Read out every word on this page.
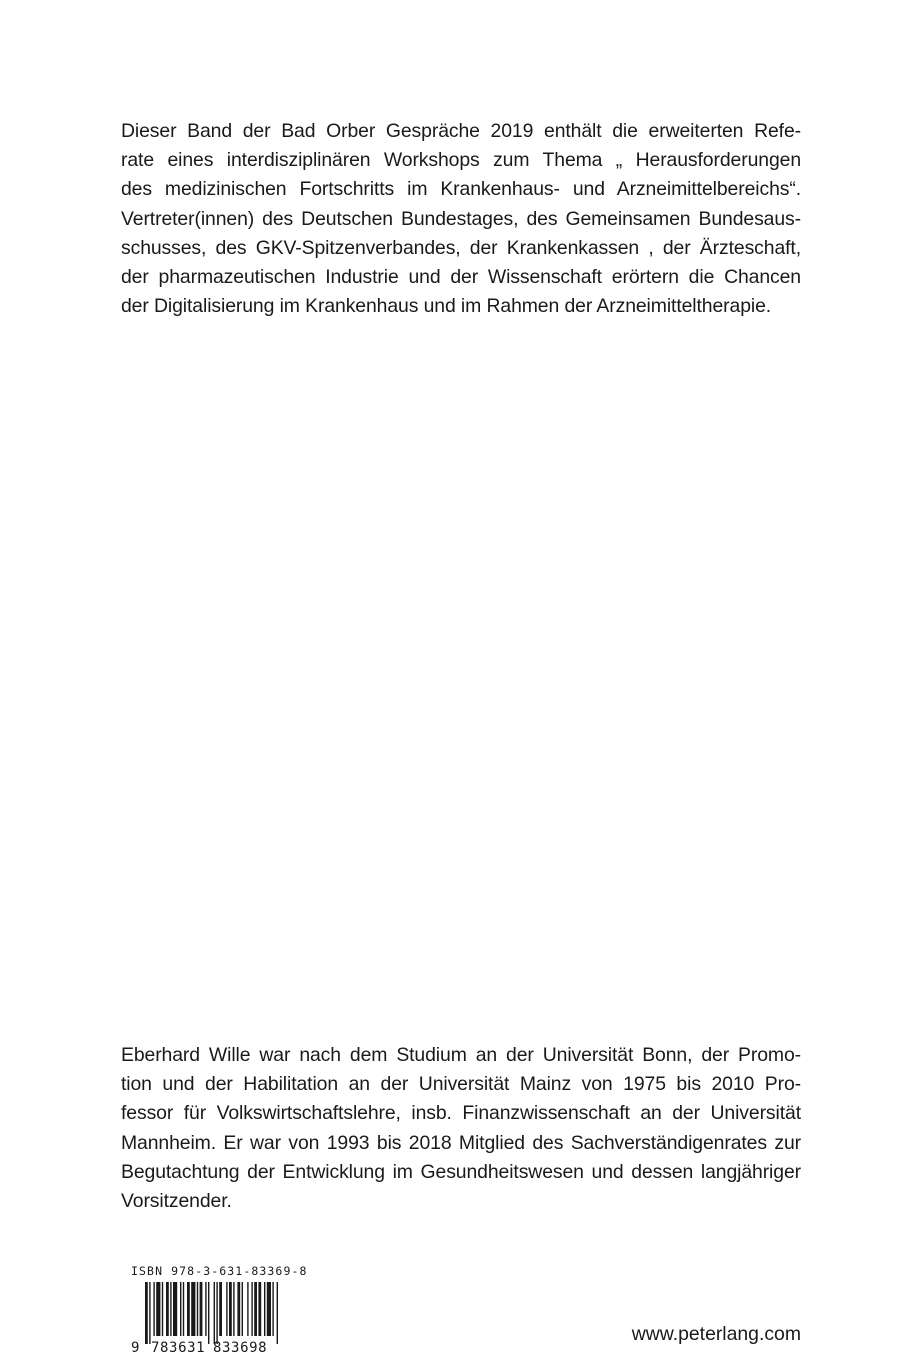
Dieser Band der Bad Orber Gespräche 2019 enthält die erweiterten Refe-
rate eines interdisziplinären Workshops zum Thema „ Herausforderungen
des medizinischen Fortschritts im Krankenhaus- und Arzneimittelbereichs“.
Vertreter(innen) des Deutschen Bundestages, des Gemeinsamen Bundesaus-
schusses, des GKV-Spitzenverbandes, der Krankenkassen , der Ärzteschaft,
der pharmazeutischen Industrie und der Wissenschaft erörtern die Chancen
der Digitalisierung im Krankenhaus und im Rahmen der Arzneimitteltherapie.
Eberhard Wille war nach dem Studium an der Universität Bonn, der Promo-
tion und der Habilitation an der Universität Mainz von 1975 bis 2010 Pro-
fessor für Volkswirtschaftslehre, insb. Finanzwissenschaft an der Universität
Mannheim. Er war von 1993 bis 2018 Mitglied des Sachverständigenrates zur
Begutachtung der Entwicklung im Gesundheitswesen und dessen langjähriger
Vorsitzender.
ISBN 978-3-631-83369-8
9 783631 833698
www.peterlang.com
